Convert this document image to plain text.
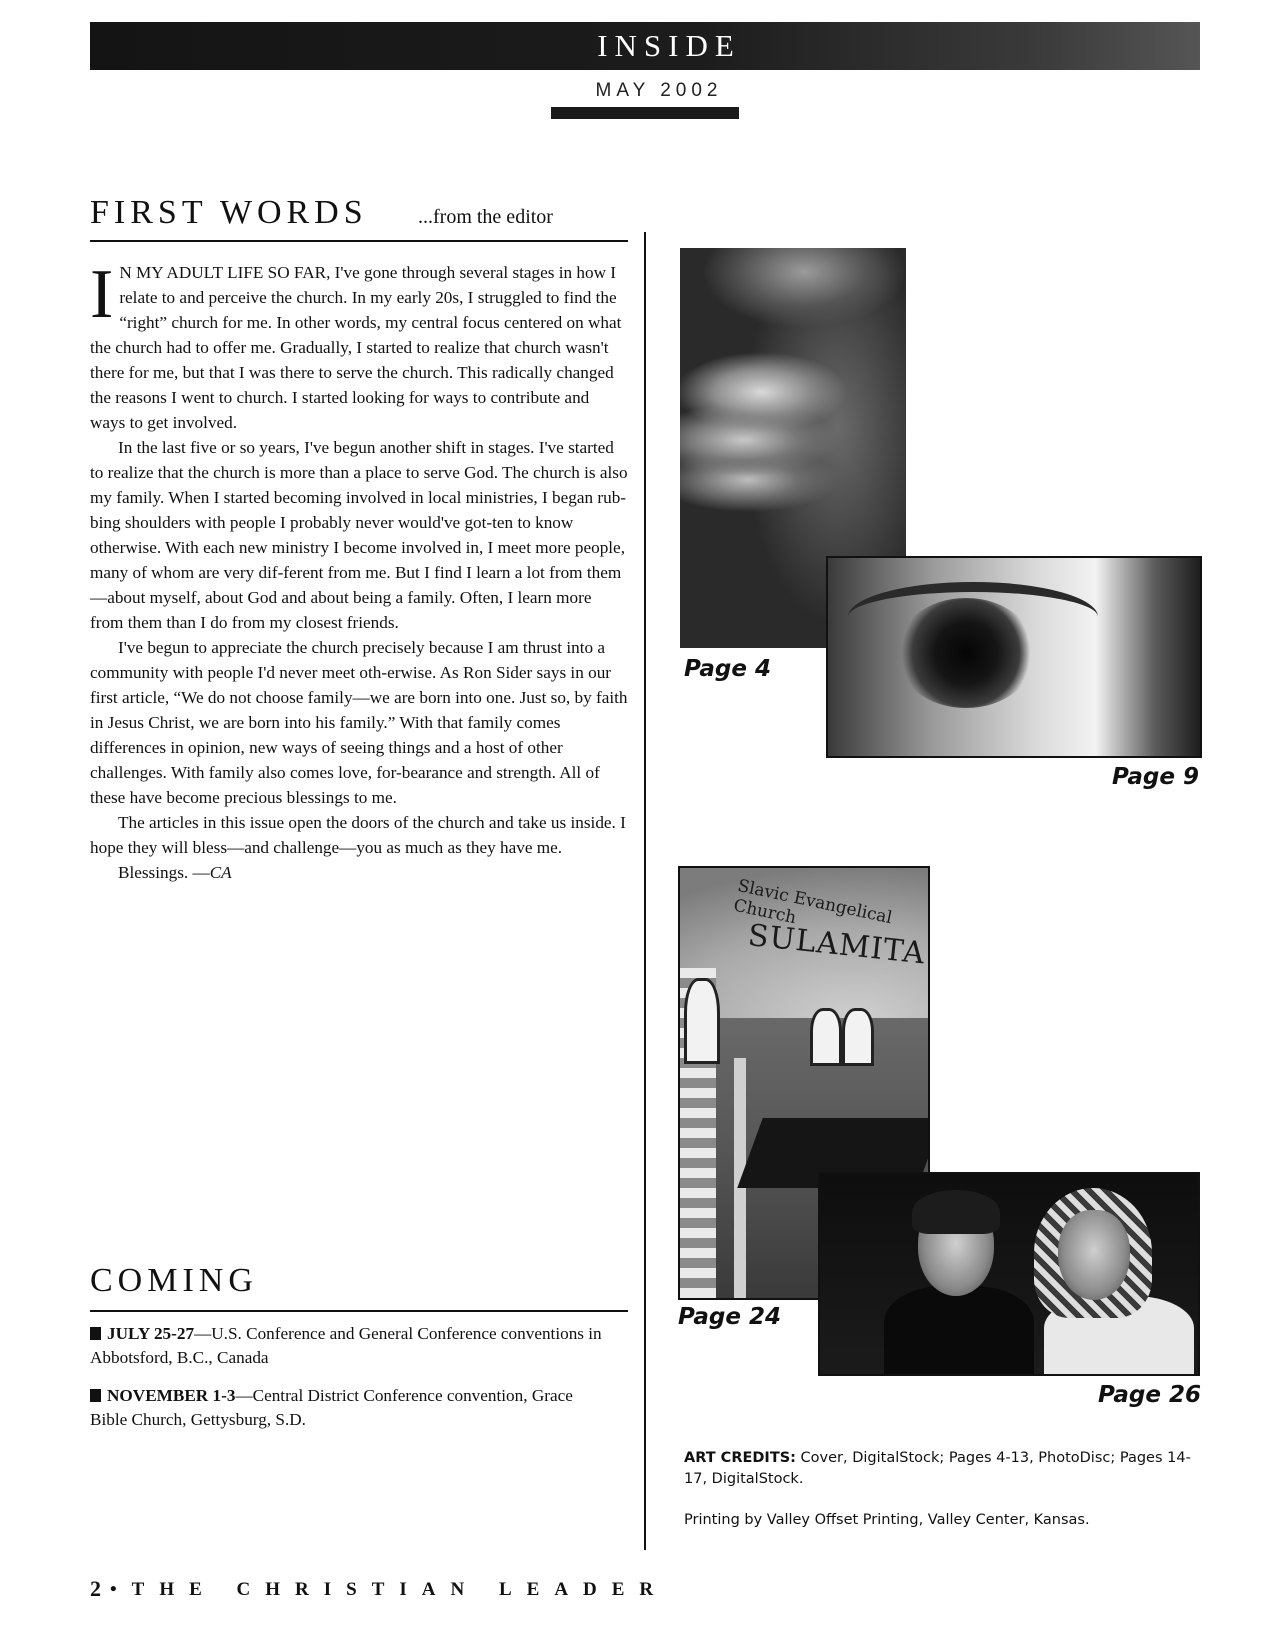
INSIDE
MAY 2002
FIRST WORDS	...from the editor

I N MY ADULT LIFE SO FAR, I've gone through several stages in how I relate to and perceive the church. In my early 20s, I struggled to find the “right” church for me. In other words, my central focus centered on what the church had to offer me. Gradually, I started to realize that church wasn't there for me, but that I was there to serve the church. This radically changed the reasons I went to church. I started looking for ways to contribute and ways to get involved.

In the last five or so years, I've begun another shift in stages. I've started to realize that the church is more than a place to serve God. The church is also my family. When I started becoming involved in local ministries, I began rub-bing shoulders with people I probably never would've got-ten to know otherwise. With each new ministry I become involved in, I meet more people, many of whom are very dif-ferent from me. But I find I learn a lot from them—about myself, about God and about being a family. Often, I learn more from them than I do from my closest friends.

I've begun to appreciate the church precisely because I am thrust into a community with people I'd never meet oth-erwise. As Ron Sider says in our first article, “We do not choose family—we are born into one. Just so, by faith in Jesus Christ, we are born into his family.” With that family comes differences in opinion, new ways of seeing things and a host of other challenges. With family also comes love, for-bearance and strength. All of these have become precious blessings to me.

The articles in this issue open the doors of the church and take us inside. I hope they will bless—and challenge—you as much as they have me.

Blessings. —CA

COMING
JULY 25-27—U.S. Conference and General Conference conventions in Abbotsford, B.C., Canada
NOVEMBER 1-3—Central District Conference convention, Grace Bible Church, Gettysburg, S.D.
Page 4
Page 9
Slavic Evangelical Church
SULAMITA
Page 24
Page 26
ART CREDITS: Cover, DigitalStock; Pages 4-13, PhotoDisc; Pages 14-17, DigitalStock.
Printing by Valley Offset Printing, Valley Center, Kansas.
2 •THE CHRISTIAN LEADER
